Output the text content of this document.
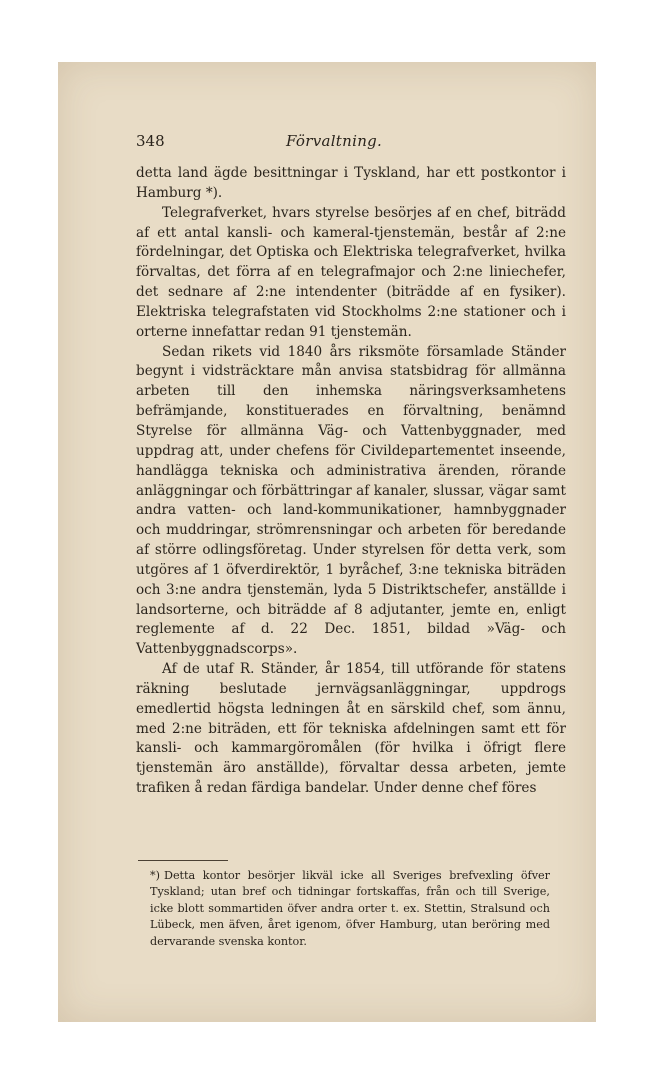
348	Förvaltning.

detta land ägde besittningar i Tyskland, har ett postkontor i Hamburg *).

Telegrafverket, hvars styrelse besörjes af en chef, biträdd af ett antal kansli- och kameral-tjenstemän, består af 2:ne fördelningar, det Optiska och Elektriska telegrafverket, hvilka förvaltas, det förra af en telegrafmajor och 2:ne liniechefer, det sednare af 2:ne intendenter (biträdde af en fysiker). Elektriska telegrafstaten vid Stockholms 2:ne stationer och i orterne innefattar redan 91 tjenstemän.

Sedan rikets vid 1840 års riksmöte församlade Ständer begynt i vidsträcktare mån anvisa statsbidrag för allmänna arbeten till den inhemska näringsverksamhetens befrämjande, konstituerades en förvaltning, benämnd Styrelse för allmänna Väg- och Vattenbyggnader, med uppdrag att, under chefens för Civildepartementet inseende, handlägga tekniska och administrativa ärenden, rörande anläggningar och förbättringar af kanaler, slussar, vägar samt andra vatten- och land-kommunikationer, hamnbyggnader och muddringar, strömrensningar och arbeten för beredande af större odlingsföretag. Under styrelsen för detta verk, som utgöres af 1 öfverdirektör, 1 byråchef, 3:ne tekniska biträden och 3:ne andra tjenstemän, lyda 5 Distriktschefer, anställde i landsorterne, och biträdde af 8 adjutanter, jemte en, enligt reglemente af d. 22 Dec. 1851, bildad »Väg- och Vattenbyggnadscorps».

Af de utaf R. Ständer, år 1854, till utförande för statens räkning beslutade jernvägsanläggningar, uppdrogs emedlertid högsta ledningen åt en särskild chef, som ännu, med 2:ne biträden, ett för tekniska afdelningen samt ett för kansli- och kammargöromålen (för hvilka i öfrigt flere tjenstemän äro anställde), förvaltar dessa arbeten, jemte trafiken å redan färdiga bandelar. Under denne chef föres

*) Detta kontor besörjer likväl icke all Sveriges brefvexling öfver Tyskland; utan bref och tidningar fortskaffas, från och till Sverige, icke blott sommartiden öfver andra orter t. ex. Stettin, Stralsund och Lübeck, men äfven, året igenom, öfver Hamburg, utan beröring med dervarande svenska kontor.
